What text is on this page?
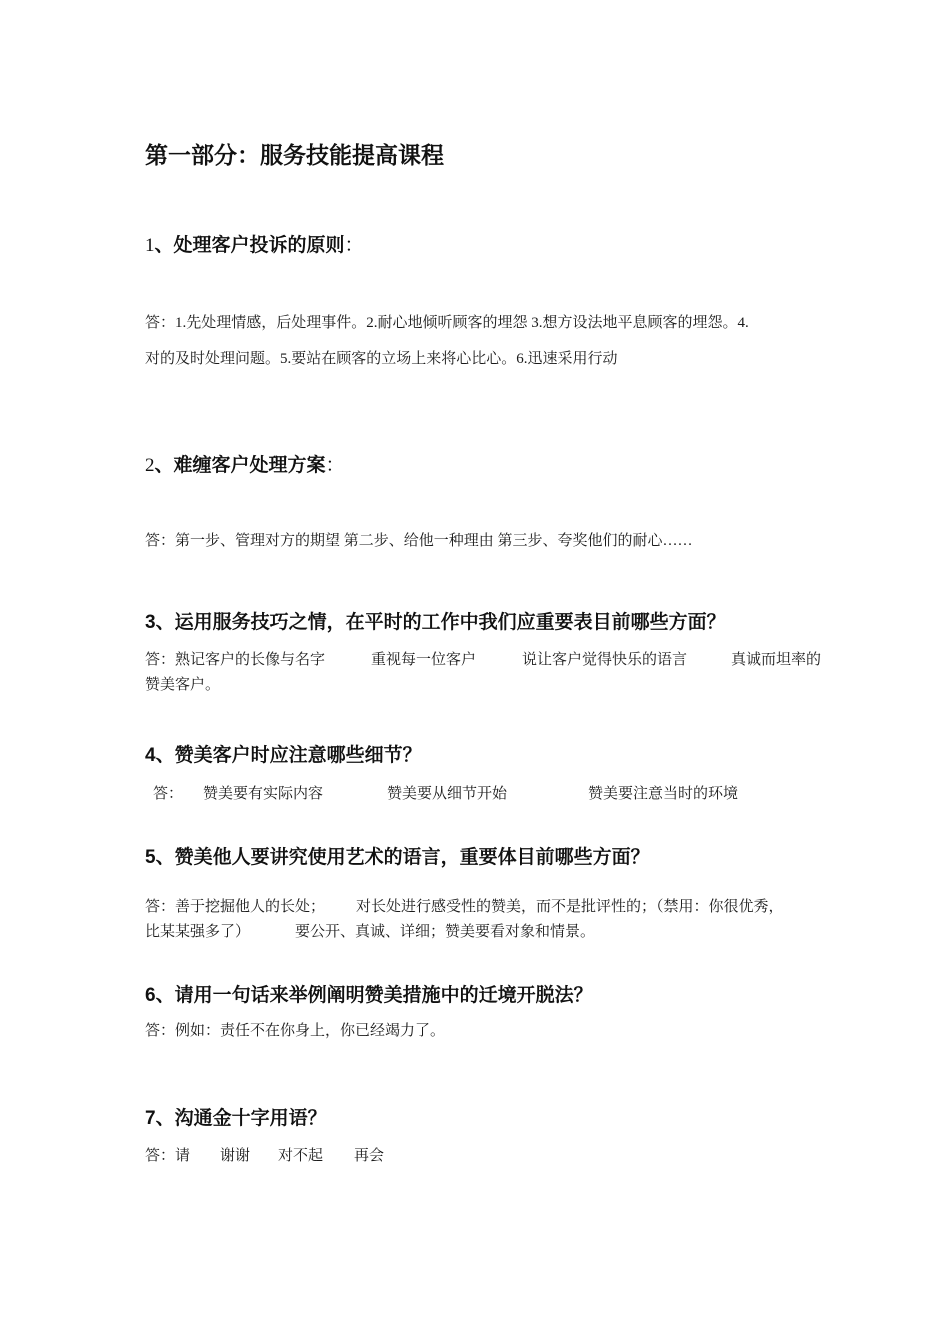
第一部分：服务技能提高课程
1、处理客户投诉的原则：
答：1.先处理情感，后处理事件。2.耐心地倾听顾客的埋怨 3.想方设法地平息顾客的埋怨。4.
对的及时处理问题。5.要站在顾客的立场上来将心比心。6.迅速采用行动
2、难缠客户处理方案：
答：第一步、管理对方的期望 第二步、给他一种理由 第三步、夸奖他们的耐心……
3、运用服务技巧之情，在平时的工作中我们应重要表目前哪些方面？
答：熟记客户的长像与名字	重视每一位客户	说让客户觉得快乐的语言	真诚而坦率的
赞美客户。
4、赞美客户时应注意哪些细节？
答： 赞美要有实际内容	赞美要从细节开始	赞美要注意当时的环境
5、赞美他人要讲究使用艺术的语言，重要体目前哪些方面？
答：善于挖掘他人的长处； 对长处进行感受性的赞美，而不是批评性的；（禁用：你很优秀，
比某某强多了）	要公开、真诚、详细；赞美要看对象和情景。
6、请用一句话来举例阐明赞美措施中的迁境开脱法？
答：例如：责任不在你身上，你已经竭力了。
7、沟通金十字用语？
答：请 谢谢 对不起 再会
